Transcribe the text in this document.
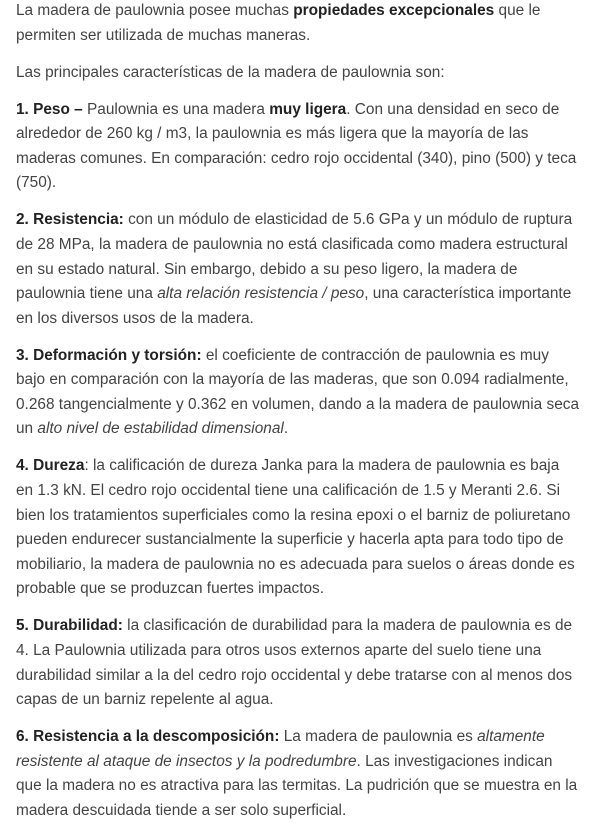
La madera de paulownia posee muchas propiedades excepcionales que le permiten ser utilizada de muchas maneras.

Las principales características de la madera de paulownia son:

1. Peso – Paulownia es una madera muy ligera. Con una densidad en seco de alrededor de 260 kg / m3, la paulownia es más ligera que la mayoría de las maderas comunes. En comparación: cedro rojo occidental (340), pino (500) y teca (750).

2. Resistencia: con un módulo de elasticidad de 5.6 GPa y un módulo de ruptura de 28 MPa, la madera de paulownia no está clasificada como madera estructural en su estado natural. Sin embargo, debido a su peso ligero, la madera de paulownia tiene una alta relación resistencia / peso, una característica importante en los diversos usos de la madera.

3. Deformación y torsión: el coeficiente de contracción de paulownia es muy bajo en comparación con la mayoría de las maderas, que son 0.094 radialmente, 0.268 tangencialmente y 0.362 en volumen, dando a la madera de paulownia seca un alto nivel de estabilidad dimensional.

4. Dureza: la calificación de dureza Janka para la madera de paulownia es baja en 1.3 kN. El cedro rojo occidental tiene una calificación de 1.5 y Meranti 2.6. Si bien los tratamientos superficiales como la resina epoxi o el barniz de poliuretano pueden endurecer sustancialmente la superficie y hacerla apta para todo tipo de mobiliario, la madera de paulownia no es adecuada para suelos o áreas donde es probable que se produzcan fuertes impactos.

5. Durabilidad: la clasificación de durabilidad para la madera de paulownia es de 4. La Paulownia utilizada para otros usos externos aparte del suelo tiene una durabilidad similar a la del cedro rojo occidental y debe tratarse con al menos dos capas de un barniz repelente al agua.

6. Resistencia a la descomposición: La madera de paulownia es altamente resistente al ataque de insectos y la podredumbre. Las investigaciones indican que la madera no es atractiva para las termitas. La pudrición que se muestra en la madera descuidada tiende a ser solo superficial.
